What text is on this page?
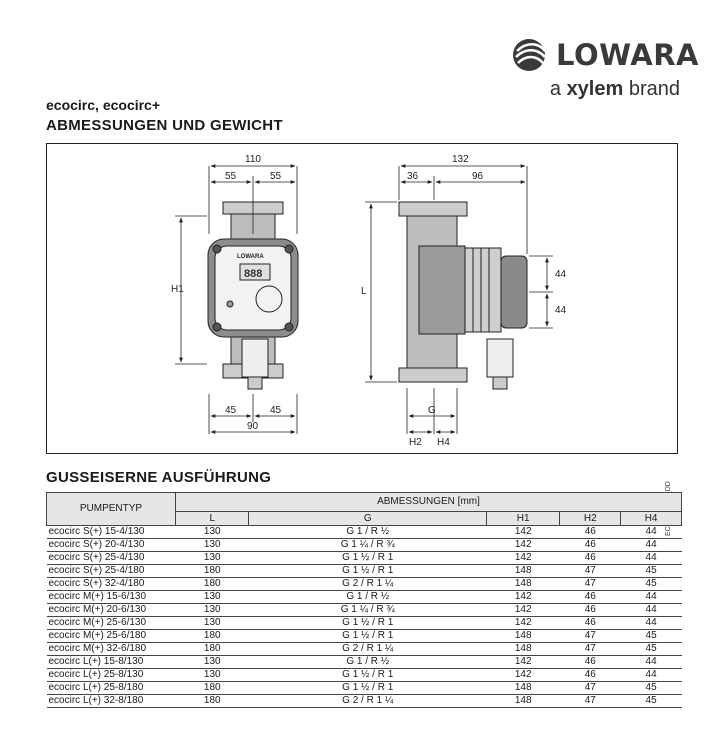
LOWARA
a xylem brand
ecocirc, ecocirc+
ABMESSUNGEN UND GEWICHT
888
LOWARA
110
55	55
H1
45	45
90
132
36	96
L
44
44
G
H2 H4
GUSSEISERNE AUSFÜHRUNG
PUMPENTYP	ABMESSUNGEN [mm]				
	L	G	H1	H2	H4
ecocirc S(+) 15-4/130	130	G 1 / R ½	142	46	44
ecocirc S(+) 20-4/130	130	G 1 ¼ / R ¾	142	46	44
ecocirc S(+) 25-4/130	130	G 1 ½ / R 1	142	46	44
ecocirc S(+) 25-4/180	180	G 1 ½ / R 1	148	47	45
ecocirc S(+) 32-4/180	180	G 2 / R 1 ¼	148	47	45
ecocirc M(+) 15-6/130	130	G 1 / R ½	142	46	44
ecocirc M(+) 20-6/130	130	G 1 ¼ / R ¾	142	46	44
ecocirc M(+) 25-6/130	130	G 1 ½ / R 1	142	46	44
ecocirc M(+) 25-6/180	180	G 1 ½ / R 1	148	47	45
ecocirc M(+) 32-6/180	180	G 2 / R 1 ¼	148	47	45
ecocirc L(+) 15-8/130	130	G 1 / R ½	142	46	44
ecocirc L(+) 25-8/130	130	G 1 ½ / R 1	142	46	44
ecocirc L(+) 25-8/180	180	G 1 ½ / R 1	148	47	45
ecocirc L(+) 32-8/180	180	G 2 / R 1 ¼	148	47	45
